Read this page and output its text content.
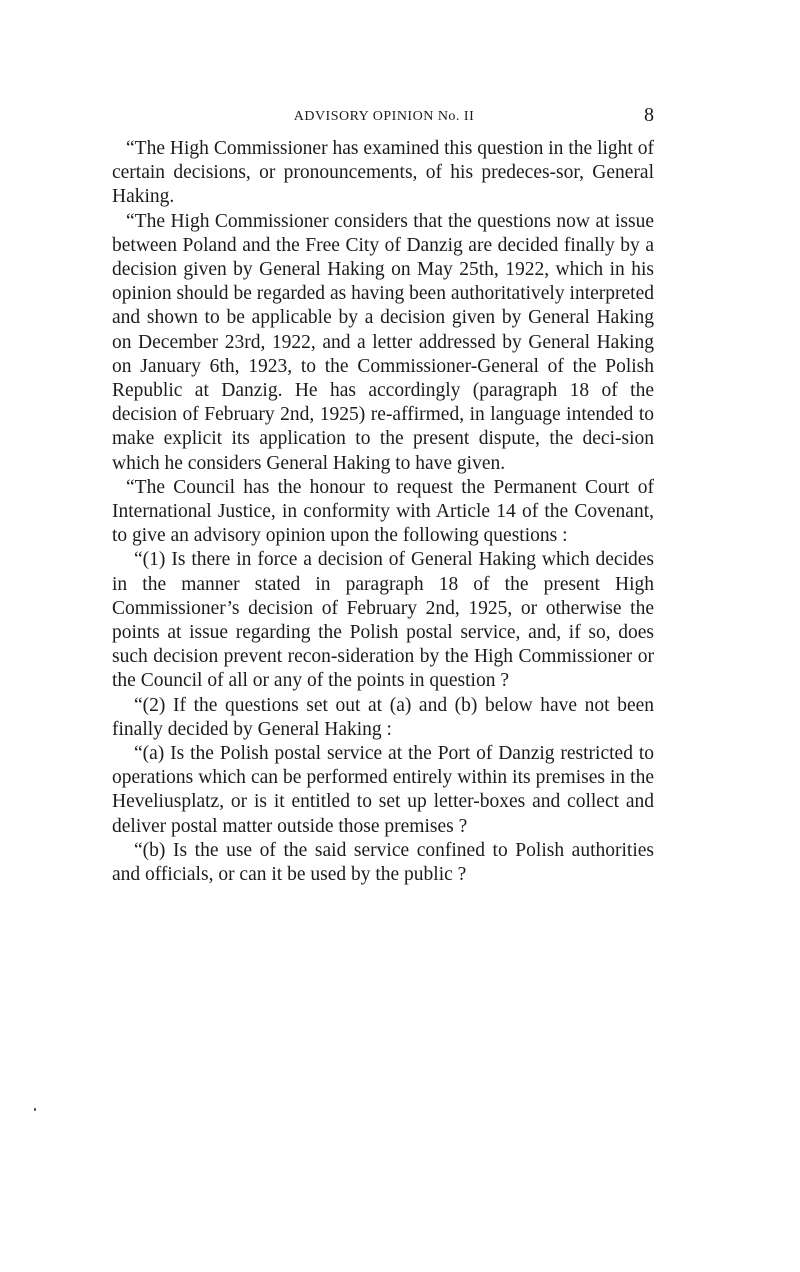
ADVISORY OPINION No. II	8

“The High Commissioner has examined this question in the light of certain decisions, or pronouncements, of his predeces-sor, General Haking.

“The High Commissioner considers that the questions now at issue between Poland and the Free City of Danzig are decided finally by a decision given by General Haking on May 25th, 1922, which in his opinion should be regarded as having been authoritatively interpreted and shown to be applicable by a decision given by General Haking on December 23rd, 1922, and a letter addressed by General Haking on January 6th, 1923, to the Commissioner-General of the Polish Republic at Danzig. He has accordingly (paragraph 18 of the decision of February 2nd, 1925) re-affirmed, in language intended to make explicit its application to the present dispute, the deci-sion which he considers General Haking to have given.

“The Council has the honour to request the Permanent Court of International Justice, in conformity with Article 14 of the Covenant, to give an advisory opinion upon the following questions :

“(1) Is there in force a decision of General Haking which decides in the manner stated in paragraph 18 of the present High Commissioner’s decision of February 2nd, 1925, or otherwise the points at issue regarding the Polish postal service, and, if so, does such decision prevent recon-sideration by the High Commissioner or the Council of all or any of the points in question ?

“(2) If the questions set out at (a) and (b) below have not been finally decided by General Haking :

“(a) Is the Polish postal service at the Port of Danzig restricted to operations which can be performed entirely within its premises in the Heveliusplatz, or is it entitled to set up letter-boxes and collect and deliver postal matter outside those premises ?

“(b) Is the use of the said service confined to Polish authorities and officials, or can it be used by the public ?
